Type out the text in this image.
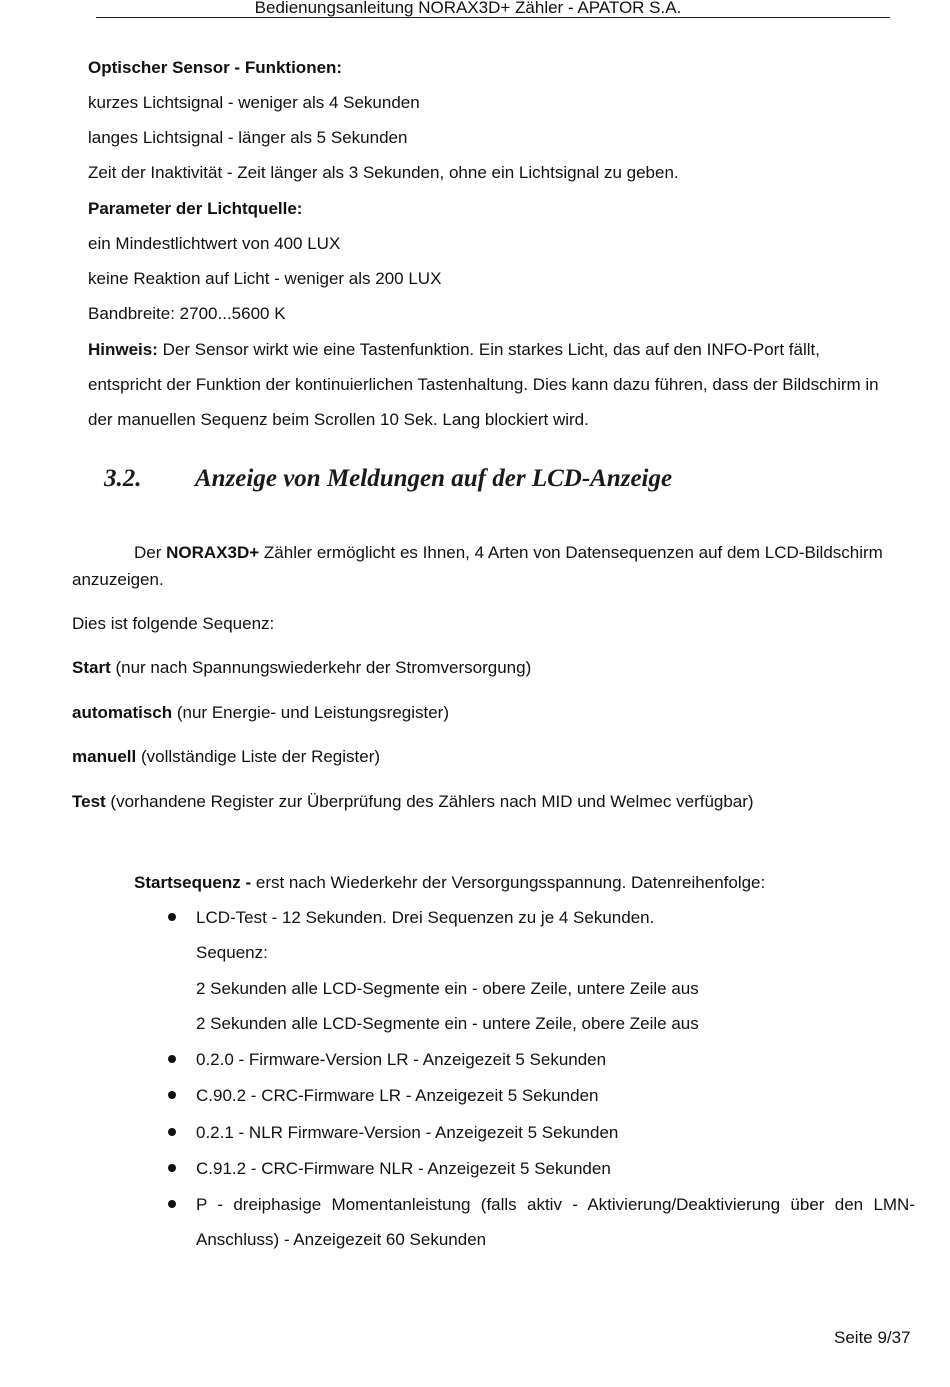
Bedienungsanleitung NORAX3D+ Zähler - APATOR S.A.
Optischer Sensor - Funktionen:
kurzes Lichtsignal - weniger als 4 Sekunden
langes Lichtsignal - länger als 5 Sekunden
Zeit der Inaktivität - Zeit länger als 3 Sekunden, ohne ein Lichtsignal zu geben.
Parameter der Lichtquelle:
ein Mindestlichtwert von 400 LUX
keine Reaktion auf Licht - weniger als 200 LUX
Bandbreite: 2700...5600 K
Hinweis: Der Sensor wirkt wie eine Tastenfunktion. Ein starkes Licht, das auf den INFO-Port fällt,
entspricht der Funktion der kontinuierlichen Tastenhaltung. Dies kann dazu führen, dass der Bildschirm in
der manuellen Sequenz beim Scrollen 10 Sek. Lang blockiert wird.
3.2. Anzeige von Meldungen auf der LCD-Anzeige
Der NORAX3D+ Zähler ermöglicht es Ihnen, 4 Arten von Datensequenzen auf dem LCD-Bildschirm
anzuzeigen.
Dies ist folgende Sequenz:
Start (nur nach Spannungswiederkehr der Stromversorgung)
automatisch (nur Energie- und Leistungsregister)
manuell (vollständige Liste der Register)
Test (vorhandene Register zur Überprüfung des Zählers nach MID und Welmec verfügbar)
Startsequenz - erst nach Wiederkehr der Versorgungsspannung. Datenreihenfolge:
LCD-Test - 12 Sekunden. Drei Sequenzen zu je 4 Sekunden.
Sequenz:
2 Sekunden alle LCD-Segmente ein - obere Zeile, untere Zeile aus
2 Sekunden alle LCD-Segmente ein - untere Zeile, obere Zeile aus
0.2.0 - Firmware-Version LR - Anzeigezeit 5 Sekunden
C.90.2 - CRC-Firmware LR - Anzeigezeit 5 Sekunden
0.2.1 - NLR Firmware-Version - Anzeigezeit 5 Sekunden
C.91.2 - CRC-Firmware NLR - Anzeigezeit 5 Sekunden
P - dreiphasige Momentanleistung (falls aktiv - Aktivierung/Deaktivierung über den LMN-
Anschluss) - Anzeigezeit 60 Sekunden
Seite 9/37
